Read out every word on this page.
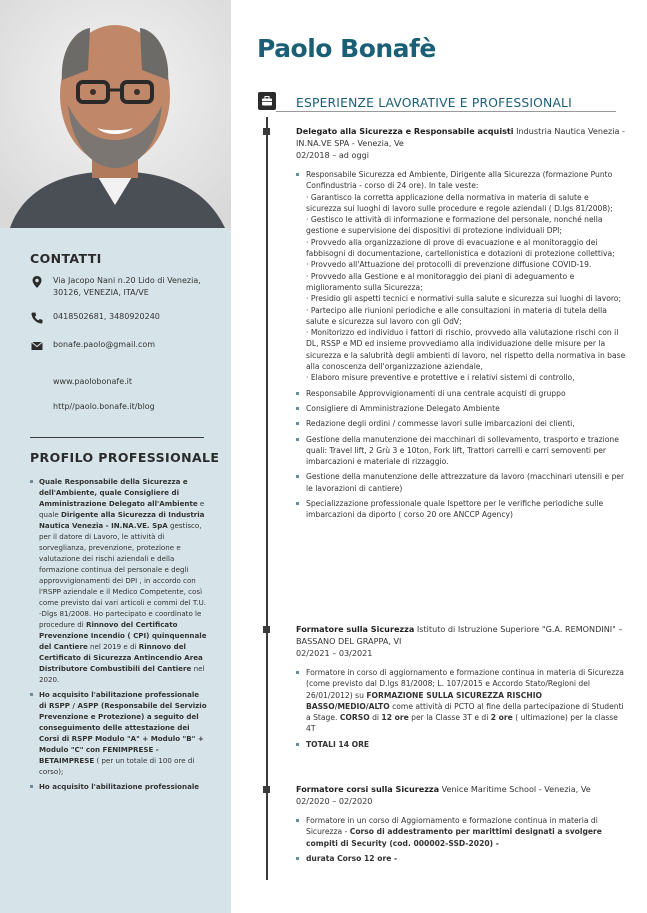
CONTATTI
Via Jacopo Nani n.20 Lido di Venezia, 30126, VENEZIA, ITA/VE
0418502681, 3480920240
bonafe.paolo@gmail.com
www.paolobonafe.it
http//paolo.bonafe.it/blog
PROFILO PROFESSIONALE
Quale Responsabile della Sicurezza e dell'Ambiente, quale Consigliere di Amministrazione Delegato all'Ambiente e quale Dirigente alla Sicurezza di Industria Nautica Venezia - IN.NA.VE. SpA gestisco, per il datore di Lavoro, le attività di sorveglianza, prevenzione, protezione e valutazione dei rischi aziendali e della formazione continua del personale e degli approvvigionamenti dei DPI , in accordo con l'RSPP aziendale e il Medico Competente, così come previsto dai vari articoli e commi del T.U. -Dlgs 81/2008. Ho partecipato e coordinato le procedure di Rinnovo del Certificato Prevenzione Incendio ( CPI) quinquennale del Cantiere nel 2019 e di Rinnovo del Certificato di Sicurezza Antincendio Area Distributore Combustibili del Cantiere nel 2020.
Ho acquisito l'abilitazione professionale di RSPP / ASPP (Responsabile del Servizio Prevenzione e Protezione) a seguito del conseguimento delle attestazione dei Corsi di RSPP Modulo "A" + Modulo "B" + Modulo "C" con FENIMPRESE - BETAIMPRESE ( per un totale di 100 ore di corso);
Ho acquisito l'abilitazione professionale
Paolo Bonafè
ESPERIENZE LAVORATIVE E PROFESSIONALI
Delegato alla Sicurezza e Responsabile acquisti Industria Nautica Venezia - IN.NA.VE SPA - Venezia, Ve
02/2018 – ad oggi
Responsabile Sicurezza ed Ambiente, Dirigente alla Sicurezza (formazione Punto Confindustria - corso di 24 ore). In tale veste:
· Garantisco la corretta applicazione della normativa in materia di salute e sicurezza sui luoghi di lavoro sulle procedure e regole aziendali ( D.lgs 81/2008);
· Gestisco le attività di informazione e formazione del personale, nonché nella gestione e supervisione dei dispositivi di protezione individuali DPI;
· Provvedo alla organizzazione di prove di evacuazione e al monitoraggio dei fabbisogni di documentazione, cartellonistica e dotazioni di protezione collettiva;
· Provvedo all'Attuazione dei protocolli di prevenzione diffusione COVID-19.
· Provvedo alla Gestione e al monitoraggio dei piani di adeguamento e miglioramento sulla Sicurezza;
· Presidio gli aspetti tecnici e normativi sulla salute e sicurezza sui luoghi di lavoro;
· Partecipo alle riunioni periodiche e alle consultazioni in materia di tutela della salute e sicurezza sul lavoro con gli OdV;
· Monitorizzo ed individuo i fattori di rischio, provvedo alla valutazione rischi con il DL, RSSP e MD ed insieme provvediamo alla individuazione delle misure per la sicurezza e la salubrità degli ambienti di lavoro, nel rispetto della normativa in base alla conoscenza dell'organizzazione aziendale,
· Elaboro misure preventive e protettive e i relativi sistemi di controllo,
Responsabile Approvvigionamenti di una centrale acquisti di gruppo
Consigliere di Amministrazione Delegato Ambiente
Redazione degli ordini / commesse lavori sulle imbarcazioni dei clienti,
Gestione della manutenzione dei macchinari di sollevamento, trasporto e trazione quali: Travel lift, 2 Grù 3 e 10ton, Fork lift, Trattori carrelli e carri semoventi per imbarcazioni e materiale di rizzaggio.
Gestione della manutenzione delle attrezzature da lavoro (macchinari utensili e per le lavorazioni di cantiere)
Specializzazione professionale quale Ispettore per le verifiche periodiche sulle imbarcazioni da diporto ( corso 20 ore ANCCP Agency)
Formatore sulla Sicurezza Istituto di Istruzione Superiore "G.A. REMONDINI" – BASSANO DEL GRAPPA, VI
02/2021 – 03/2021
Formatore in corso di aggiornamento e formazione continua in materia di Sicurezza (come previsto dal D.lgs 81/2008; L. 107/2015 e Accordo Stato/Regioni del 26/01/2012) su FORMAZIONE SULLA SICUREZZA RISCHIO BASSO/MEDIO/ALTO come attività di PCTO al fine della partecipazione di Studenti a Stage. CORSO di 12 ore per la Classe 3T e di 2 ore ( ultimazione) per la classe 4T
TOTALI 14 ORE
Formatore corsi sulla Sicurezza Venice Maritime School - Venezia, Ve
02/2020 – 02/2020
Formatore in un corso di Aggiornamento e formazione continua in materia di Sicurezza - Corso di addestramento per marittimi designati a svolgere compiti di Security (cod. 000002-SSD-2020) -
durata Corso 12 ore -
